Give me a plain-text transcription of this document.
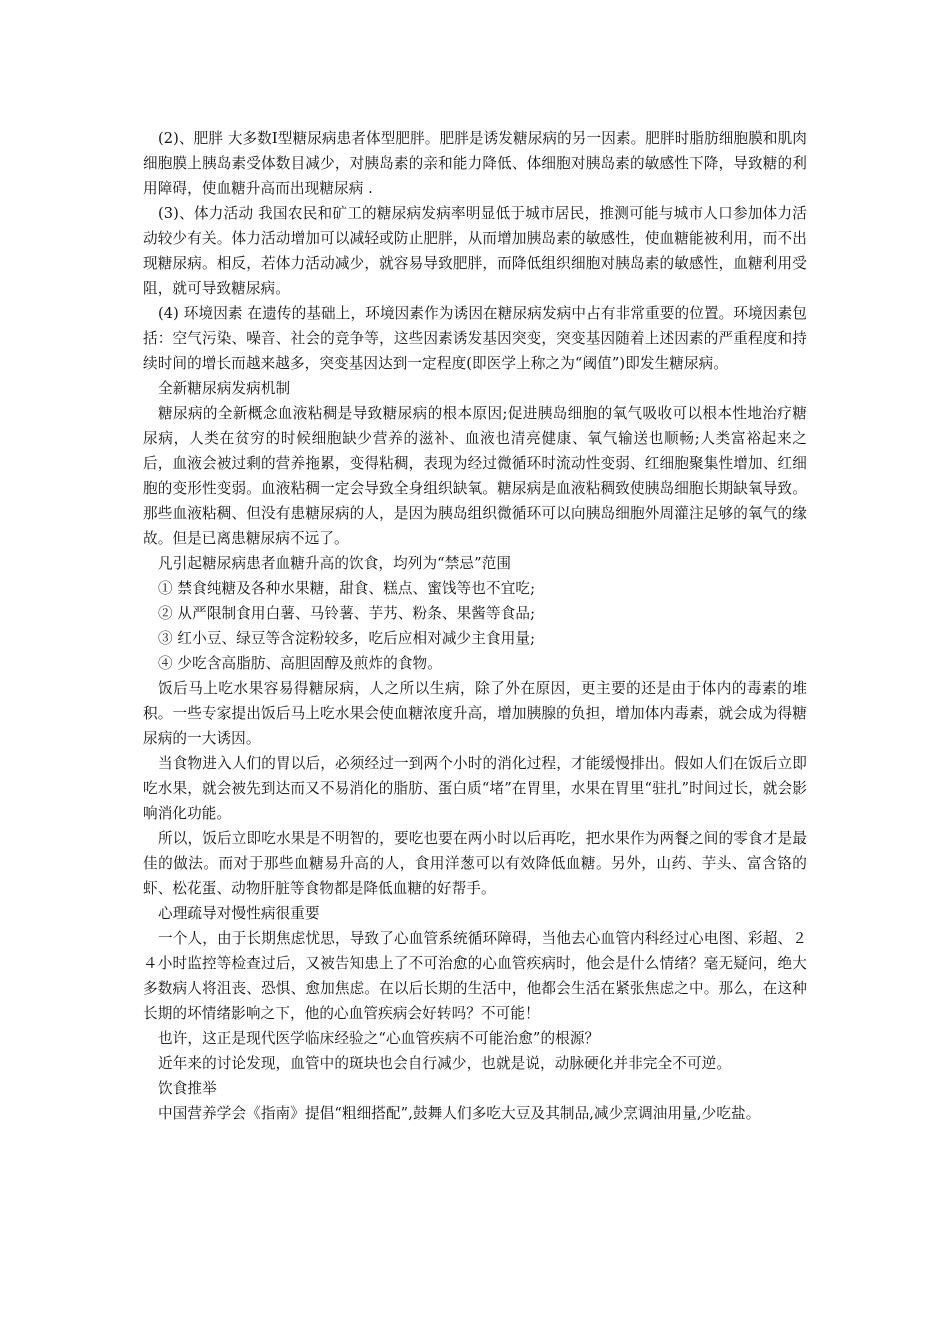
(2)、肥胖 大多数Ⅰ型糖尿病患者体型肥胖。肥胖是诱发糖尿病的另一因素。肥胖时脂肪细胞膜和肌肉细胞膜上胰岛素受体数目减少，对胰岛素的亲和能力降低、体细胞对胰岛素的敏感性下降，导致糖的利用障碍，使血糖升高而出现糖尿病 .

(3)、体力活动 我国农民和矿工的糖尿病发病率明显低于城市居民，推测可能与城市人口参加体力活动较少有关。体力活动增加可以减轻或防止肥胖，从而增加胰岛素的敏感性，使血糖能被利用，而不出现糖尿病。相反，若体力活动减少，就容易导致肥胖，而降低组织细胞对胰岛素的敏感性，血糖利用受阻，就可导致糖尿病。

(4) 环境因素 在遗传的基础上，环境因素作为诱因在糖尿病发病中占有非常重要的位置。环境因素包括：空气污染、噪音、社会的竞争等，这些因素诱发基因突变，突变基因随着上述因素的严重程度和持续时间的增长而越来越多，突变基因达到一定程度(即医学上称之为“阈值”)即发生糖尿病。

全新糖尿病发病机制

糖尿病的全新概念血液粘稠是导致糖尿病的根本原因;促进胰岛细胞的氧气吸收可以根本性地治疗糖尿病，人类在贫穷的时候细胞缺少营养的滋补、血液也清亮健康、氧气输送也顺畅;人类富裕起来之后，血液会被过剩的营养拖累，变得粘稠，表现为经过微循环时流动性变弱、红细胞聚集性增加、红细胞的变形性变弱。血液粘稠一定会导致全身组织缺氧。糖尿病是血液粘稠致使胰岛细胞长期缺氧导致。那些血液粘稠、但没有患糖尿病的人，是因为胰岛组织微循环可以向胰岛细胞外周灌注足够的氧气的缘故。但是已离患糖尿病不远了。

凡引起糖尿病患者血糖升高的饮食，均列为“禁忌”范围

① 禁食纯糖及各种水果糖，甜食、糕点、蜜饯等也不宜吃;

② 从严限制食用白薯、马铃薯、芋艿、粉条、果酱等食品;

③ 红小豆、绿豆等含淀粉较多，吃后应相对减少主食用量;

④ 少吃含高脂肪、高胆固醇及煎炸的食物。

饭后马上吃水果容易得糖尿病，人之所以生病，除了外在原因，更主要的还是由于体内的毒素的堆积。一些专家提出饭后马上吃水果会使血糖浓度升高，增加胰腺的负担，增加体内毒素，就会成为得糖尿病的一大诱因。

当食物进入人们的胃以后，必须经过一到两个小时的消化过程，才能缓慢排出。假如人们在饭后立即吃水果，就会被先到达而又不易消化的脂肪、蛋白质“堵”在胃里，水果在胃里“驻扎”时间过长，就会影响消化功能。

所以，饭后立即吃水果是不明智的，要吃也要在两小时以后再吃，把水果作为两餐之间的零食才是最佳的做法。而对于那些血糖易升高的人，食用洋葱可以有效降低血糖。另外，山药、芋头、富含铬的虾、松花蛋、动物肝脏等食物都是降低血糖的好帮手。

心理疏导对慢性病很重要

一个人，由于长期焦虑忧思，导致了心血管系统循环障碍，当他去心血管内科经过心电图、彩超、２４小时监控等检查过后，又被告知患上了不可治愈的心血管疾病时，他会是什么情绪？毫无疑问，绝大多数病人将沮丧、恐惧、愈加焦虑。在以后长期的生活中，他都会生活在紧张焦虑之中。那么，在这种长期的坏情绪影响之下，他的心血管疾病会好转吗？不可能！

也许，这正是现代医学临床经验之“心血管疾病不可能治愈”的根源？

近年来的讨论发现，血管中的斑块也会自行减少，也就是说，动脉硬化并非完全不可逆。

饮食推举

中国营养学会《指南》提倡“粗细搭配”,鼓舞人们多吃大豆及其制品,减少烹调油用量,少吃盐。
